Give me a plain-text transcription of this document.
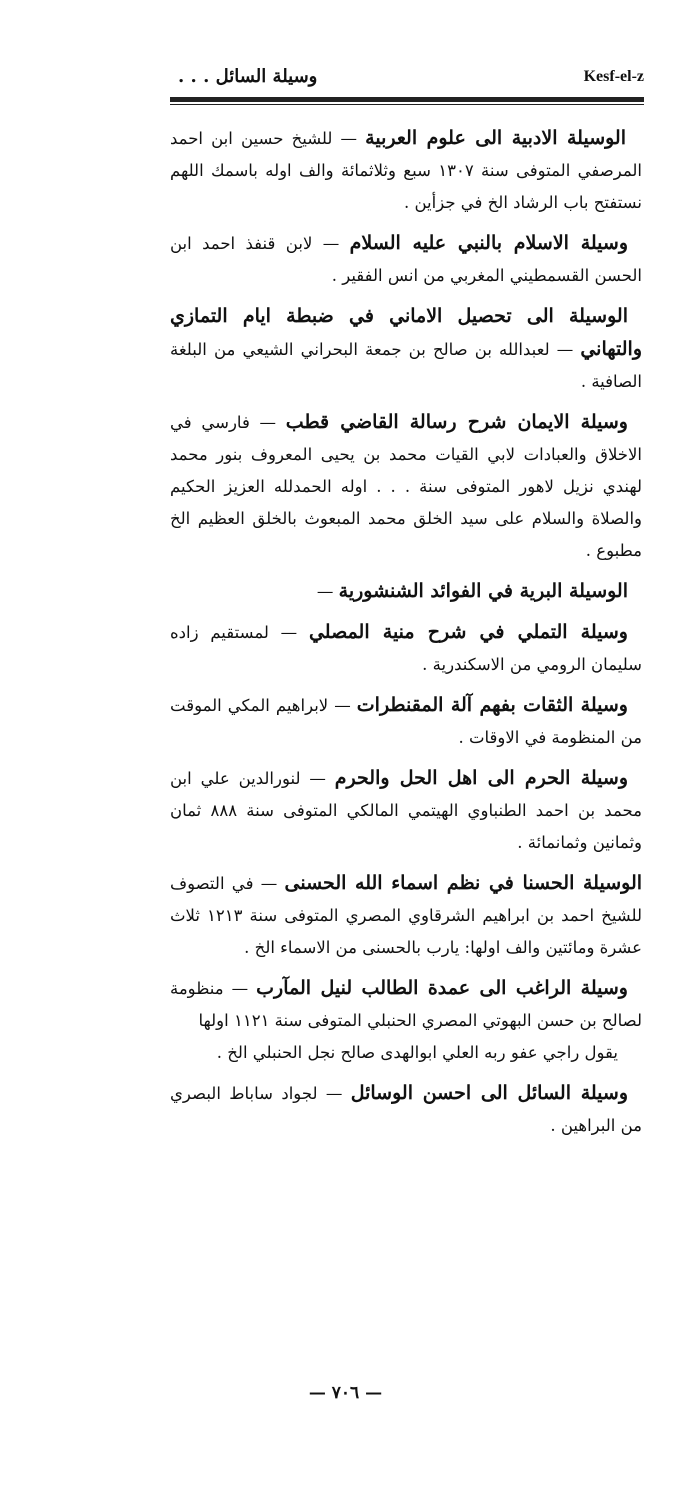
وسيلة السائل . . .	Kesf-el-z

الوسيلة الادبية الى علوم العربية — للشيخ حسين ابن احمد المرصفي المتوفى سنة ١٣٠٧ سبع وثلاثمائة والف اوله باسمك اللهم نستفتح باب الرشاد الخ في جزأين .

وسيلة الاسلام بالنبي عليه السلام — لابن قنفذ احمد ابن الحسن القسمطيني المغربي من انس الفقير .

الوسيلة الى تحصيل الاماني في ضبطة ايام التمازي والتهاني — لعبدالله بن صالح بن جمعة البحراني الشيعي من البلغة الصافية .

وسيلة الايمان شرح رسالة القاضي قطب — فارسي في الاخلاق والعبادات لابي القيات محمد بن يحيى المعروف بنور محمد لهندي نزيل لاهور المتوفى سنة . . . اوله الحمدلله العزيز الحكيم والصلاة والسلام على سيد الخلق محمد المبعوث بالخلق العظيم الخ مطبوع .

الوسيلة البرية في الفوائد الشنشورية —

وسيلة التملي في شرح منية المصلي — لمستقيم زاده سليمان الرومي من الاسكندرية .

وسيلة الثقات بفهم آلة المقنطرات — لابراهيم المكي الموقت من المنظومة في الاوقات .

وسيلة الحرم الى اهل الحل والحرم — لنورالدين علي ابن محمد بن احمد الطنباوي الهيتمي المالكي المتوفى سنة ٨٨٨ ثمان وثمانين وثمانمائة .

الوسيلة الحسنا في نظم اسماء الله الحسنى — في التصوف للشيخ احمد بن ابراهيم الشرقاوي المصري المتوفى سنة ١٢١٣ ثلاث عشرة ومائتين والف اولها: يارب بالحسنى من الاسماء الخ .

وسيلة الراغب الى عمدة الطالب لنيل المآرب — منظومة لصالح بن حسن البهوتي المصري الحنبلي المتوفى سنة ١١٢١ اولها

يقول راجي عفو ربه العلي ابوالهدى صالح نجل الحنبلي الخ .

وسيلة السائل الى احسن الوسائل — لجواد ساباط البصري من البراهين .

— ٧٠٦ —
